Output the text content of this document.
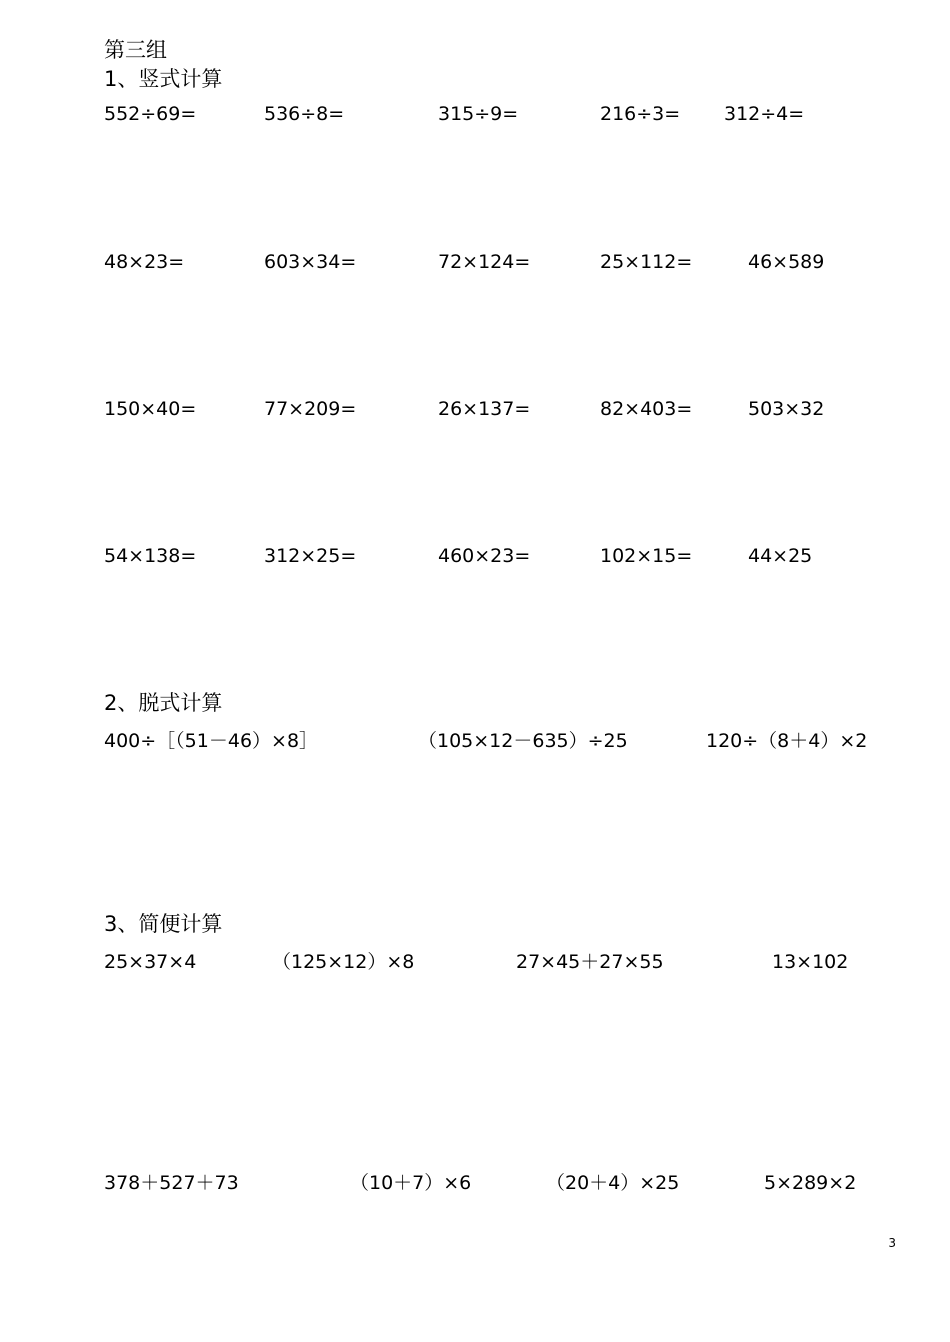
第三组
1、竖式计算
552÷69=	536÷8=	315÷9=	216÷3= 312÷4=
48×23=	603×34=	72×124=	25×112=	46×589
150×40=	77×209=	26×137=	82×403=	503×32
54×138=	312×25=	460×23=	102×15=	44×25
2、脱式计算
400÷［（51－46）×8］	（105×12－635）÷25	120÷（8＋4）×2
3、简便计算
25×37×4	（125×12）×8	27×45＋27×55	13×102
378＋527＋73	（10＋7）×6	（20＋4）×25	5×289×2
3
